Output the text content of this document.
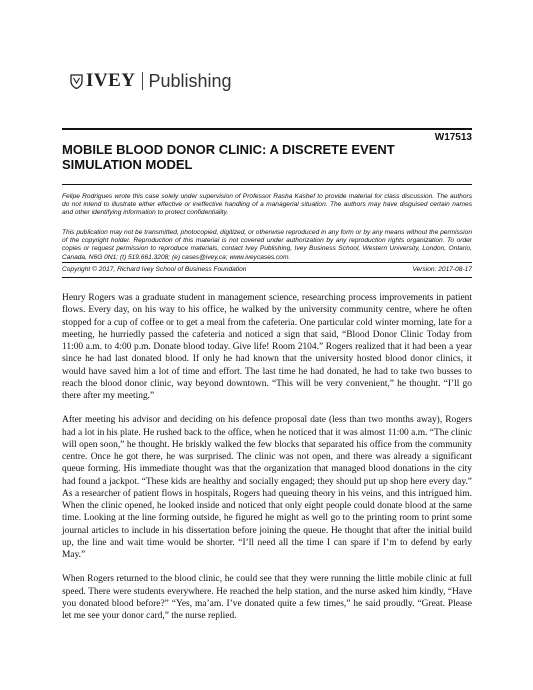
IVEY Publishing
W17513
MOBILE BLOOD DONOR CLINIC: A DISCRETE EVENT SIMULATION MODEL

Felipe Rodrigues wrote this case solely under supervision of Professor Rasha Kashef to provide material for class discussion. The authors do not intend to illustrate either effective or ineffective handling of a managerial situation. The authors may have disguised certain names and other identifying information to protect confidentiality.

This publication may not be transmitted, photocopied, digitized, or otherwise reproduced in any form or by any means without the permission of the copyright holder. Reproduction of this material is not covered under authorization by any reproduction rights organization. To order copies or request permission to reproduce materials, contact Ivey Publishing, Ivey Business School, Western University, London, Ontario, Canada, N6G 0N1; (t) 519.661.3208; (e) cases@ivey.ca; www.iveycases.com.

Copyright © 2017, Richard Ivey School of Business Foundation	Version: 2017-08-17

Henry Rogers was a graduate student in management science, researching process improvements in patient flows. Every day, on his way to his office, he walked by the university community centre, where he often stopped for a cup of coffee or to get a meal from the cafeteria. One particular cold winter morning, late for a meeting, he hurriedly passed the cafeteria and noticed a sign that said, “Blood Donor Clinic Today from 11:00 a.m. to 4:00 p.m. Donate blood today. Give life! Room 2104.” Rogers realized that it had been a year since he had last donated blood. If only he had known that the university hosted blood donor clinics, it would have saved him a lot of time and effort. The last time he had donated, he had to take two busses to reach the blood donor clinic, way beyond downtown. “This will be very convenient,” he thought. “I’ll go there after my meeting.”

After meeting his advisor and deciding on his defence proposal date (less than two months away), Rogers had a lot in his plate. He rushed back to the office, when he noticed that it was almost 11:00 a.m. “The clinic will open soon,” he thought. He briskly walked the few blocks that separated his office from the community centre. Once he got there, he was surprised. The clinic was not open, and there was already a significant queue forming. His immediate thought was that the organization that managed blood donations in the city had found a jackpot. “These kids are healthy and socially engaged; they should put up shop here every day.” As a researcher of patient flows in hospitals, Rogers had queuing theory in his veins, and this intrigued him. When the clinic opened, he looked inside and noticed that only eight people could donate blood at the same time. Looking at the line forming outside, he figured he might as well go to the printing room to print some journal articles to include in his dissertation before joining the queue. He thought that after the initial build up, the line and wait time would be shorter. “I’ll need all the time I can spare if I’m to defend by early May.”

When Rogers returned to the blood clinic, he could see that they were running the little mobile clinic at full speed. There were students everywhere. He reached the help station, and the nurse asked him kindly, “Have you donated blood before?” “Yes, ma’am. I’ve donated quite a few times,” he said proudly. “Great. Please let me see your donor card,” the nurse replied.
